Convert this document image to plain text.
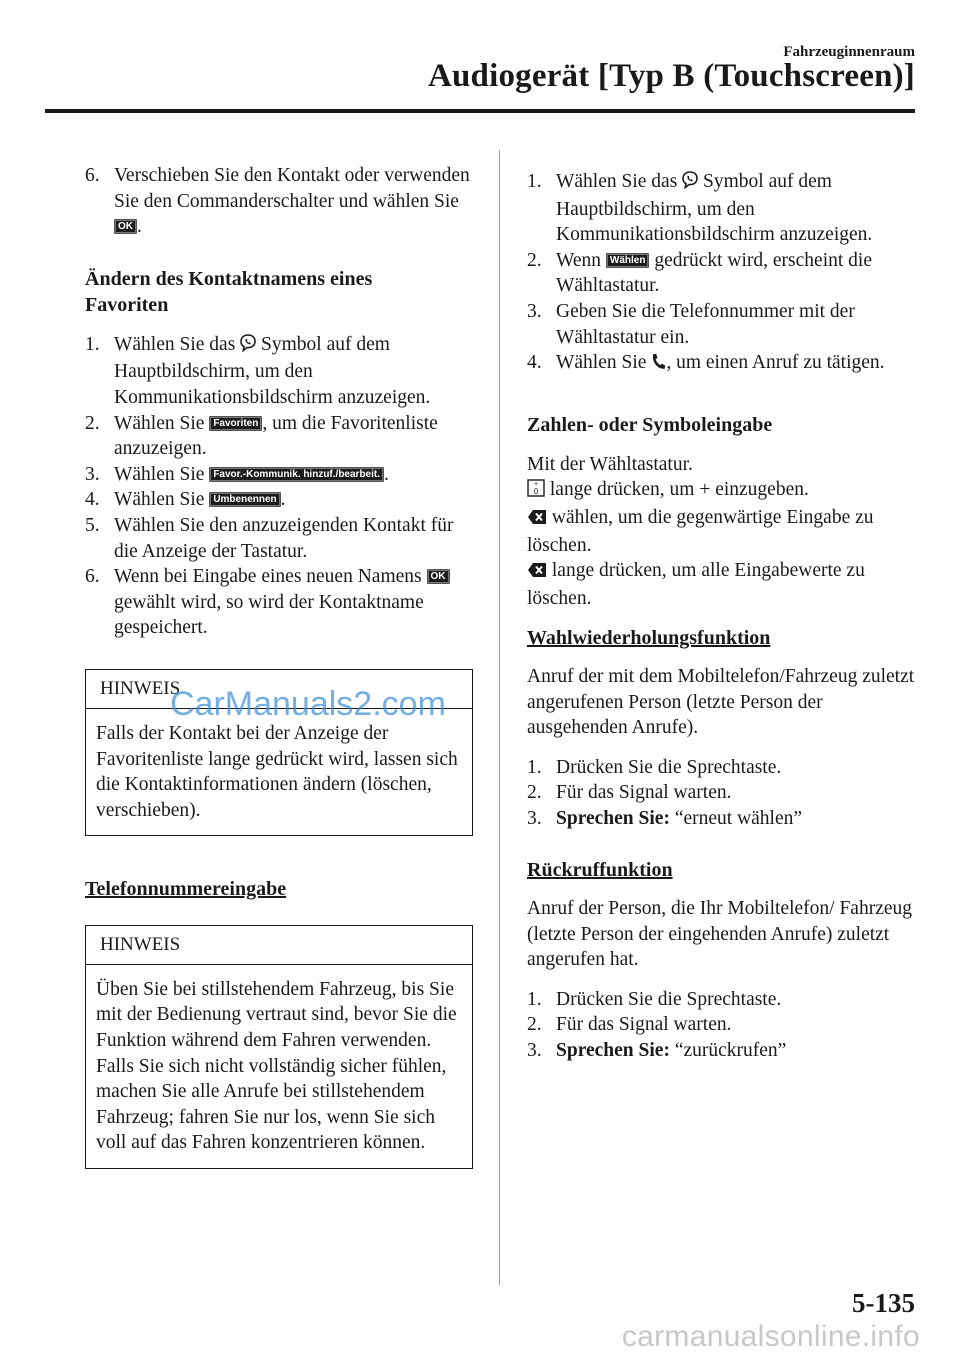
Fahrzeuginnenraum
Audiogerät [Typ B (Touchscreen)]
6. Verschieben Sie den Kontakt oder verwenden Sie den Commanderschalter und wählen Sie OK .
Ändern des Kontaktnamens eines Favoriten
1. Wählen Sie das  Symbol auf dem Hauptbildschirm, um den Kommunikationsbildschirm anzuzeigen.
2. Wählen Sie Favoriten , um die Favoritenliste anzuzeigen.
3. Wählen Sie Favor.-Kommunik. hinzuf./bearbeit. .
4. Wählen Sie Umbenennen .
5. Wählen Sie den anzuzeigenden Kontakt für die Anzeige der Tastatur.
6. Wenn bei Eingabe eines neuen Namens OK gewählt wird, so wird der Kontaktname gespeichert.
HINWEIS
Falls der Kontakt bei der Anzeige der Favoritenliste lange gedrückt wird, lassen sich die Kontaktinformationen ändern (löschen, verschieben).
Telefonnummereingabe
HINWEIS
Üben Sie bei stillstehendem Fahrzeug, bis Sie mit der Bedienung vertraut sind, bevor Sie die Funktion während dem Fahren verwenden. Falls Sie sich nicht vollständig sicher fühlen, machen Sie alle Anrufe bei stillstehendem Fahrzeug; fahren Sie nur los, wenn Sie sich voll auf das Fahren konzentrieren können.
1. Wählen Sie das  Symbol auf dem Hauptbildschirm, um den Kommunikationsbildschirm anzuzeigen.
2. Wenn Wählen gedrückt wird, erscheint die Wähltastatur.
3. Geben Sie die Telefonnummer mit der Wähltastatur ein.
4. Wählen Sie , um einen Anruf zu tätigen.
Zahlen- oder Symboleingabe
Mit der Wähltastatur.
+
0 lange drücken, um + einzugeben.
wählen, um die gegenwärtige Eingabe zu löschen.
lange drücken, um alle Eingabewerte zu löschen.
Wahlwiederholungsfunktion
Anruf der mit dem Mobiltelefon/Fahrzeug zuletzt angerufenen Person (letzte Person der ausgehenden Anrufe).
1. Drücken Sie die Sprechtaste.
2. Für das Signal warten.
3. Sprechen Sie: “erneut wählen”
Rückruffunktion
Anruf der Person, die Ihr Mobiltelefon/ Fahrzeug (letzte Person der eingehenden Anrufe) zuletzt angerufen hat.
1. Drücken Sie die Sprechtaste.
2. Für das Signal warten.
3. Sprechen Sie: “zurückrufen”
CarManuals2.com
5-135
carmanualsonline.info
